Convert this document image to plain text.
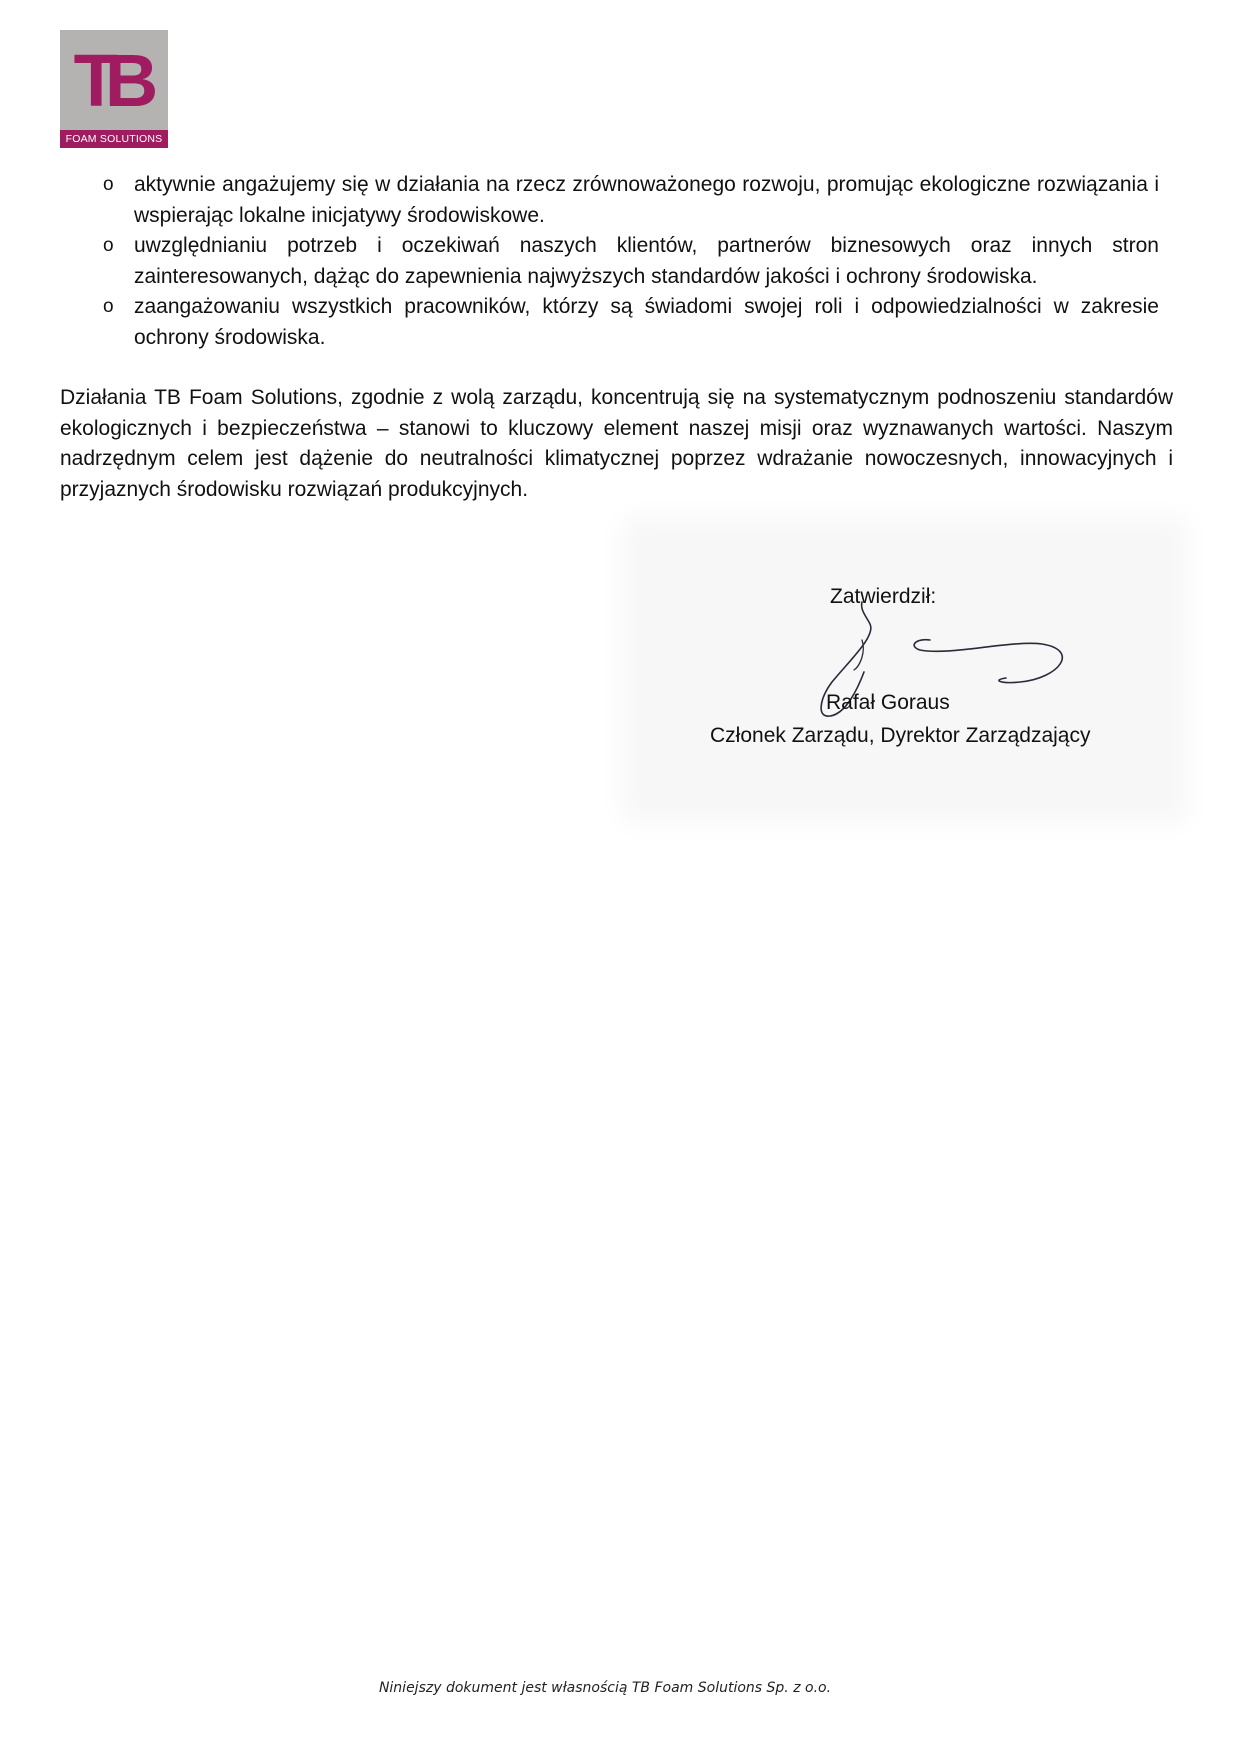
TB
FOAM SOLUTIONS
o aktywnie angażujemy się w działania na rzecz zrównoważonego rozwoju, promując ekologiczne rozwiązania i wspierając lokalne inicjatywy środowiskowe.
o uwzględnianiu potrzeb i oczekiwań naszych klientów, partnerów biznesowych oraz innych stron zainteresowanych, dążąc do zapewnienia najwyższych standardów jakości i ochrony środowiska.
o zaangażowaniu wszystkich pracowników, którzy są świadomi swojej roli i odpowiedzialności w zakresie ochrony środowiska.

Działania TB Foam Solutions, zgodnie z wolą zarządu, koncentrują się na systematycznym podnoszeniu standardów ekologicznych i bezpieczeństwa – stanowi to kluczowy element naszej misji oraz wyznawanych wartości. Naszym nadrzędnym celem jest dążenie do neutralności klimatycznej poprzez wdrażanie nowoczesnych, innowacyjnych i przyjaznych środowisku rozwiązań produkcyjnych.

Zatwierdził:
Rafał Goraus
Członek Zarządu, Dyrektor Zarządzający
Niniejszy dokument jest własnością TB Foam Solutions Sp. z o.o.
